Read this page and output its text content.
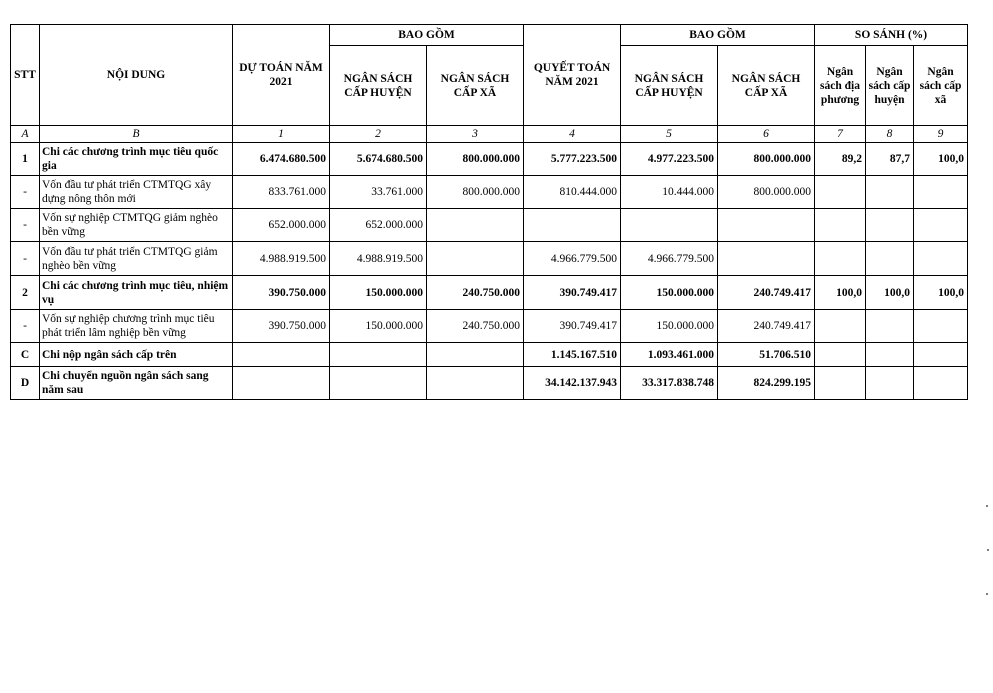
STT	NỘI DUNG	DỰ TOÁN NĂM 2021	BAO GỒM		QUYẾT TOÁN NĂM 2021	BAO GỒM		SO SÁNH (%)		
			NGÂN SÁCH CẤP HUYỆN	NGÂN SÁCH CẤP XÃ		NGÂN SÁCH CẤP HUYỆN	NGÂN SÁCH CẤP XÃ	Ngân sách địa phương	Ngân sách cấp huyện	Ngân sách cấp xã
A	B	1	2	3	4	5	6	7	8	9
1	Chi các chương trình mục tiêu quốc gia	6.474.680.500	5.674.680.500	800.000.000	5.777.223.500	4.977.223.500	800.000.000	89,2	87,7	100,0
-	Vốn đầu tư phát triển CTMTQG xây dựng nông thôn mới	833.761.000	33.761.000	800.000.000	810.444.000	10.444.000	800.000.000			
-	Vốn sự nghiệp CTMTQG giảm nghèo bền vững	652.000.000	652.000.000							
-	Vốn đầu tư phát triển CTMTQG giảm nghèo bền vững	4.988.919.500	4.988.919.500		4.966.779.500	4.966.779.500				
2	Chi các chương trình mục tiêu, nhiệm vụ	390.750.000	150.000.000	240.750.000	390.749.417	150.000.000	240.749.417	100,0	100,0	100,0
-	Vốn sự nghiệp chương trình mục tiêu phát triển lâm nghiệp bền vững	390.750.000	150.000.000	240.750.000	390.749.417	150.000.000	240.749.417			
C	Chi nộp ngân sách cấp trên				1.145.167.510	1.093.461.000	51.706.510			
D	Chi chuyển nguồn ngân sách sang năm sau				34.142.137.943	33.317.838.748	824.299.195			
